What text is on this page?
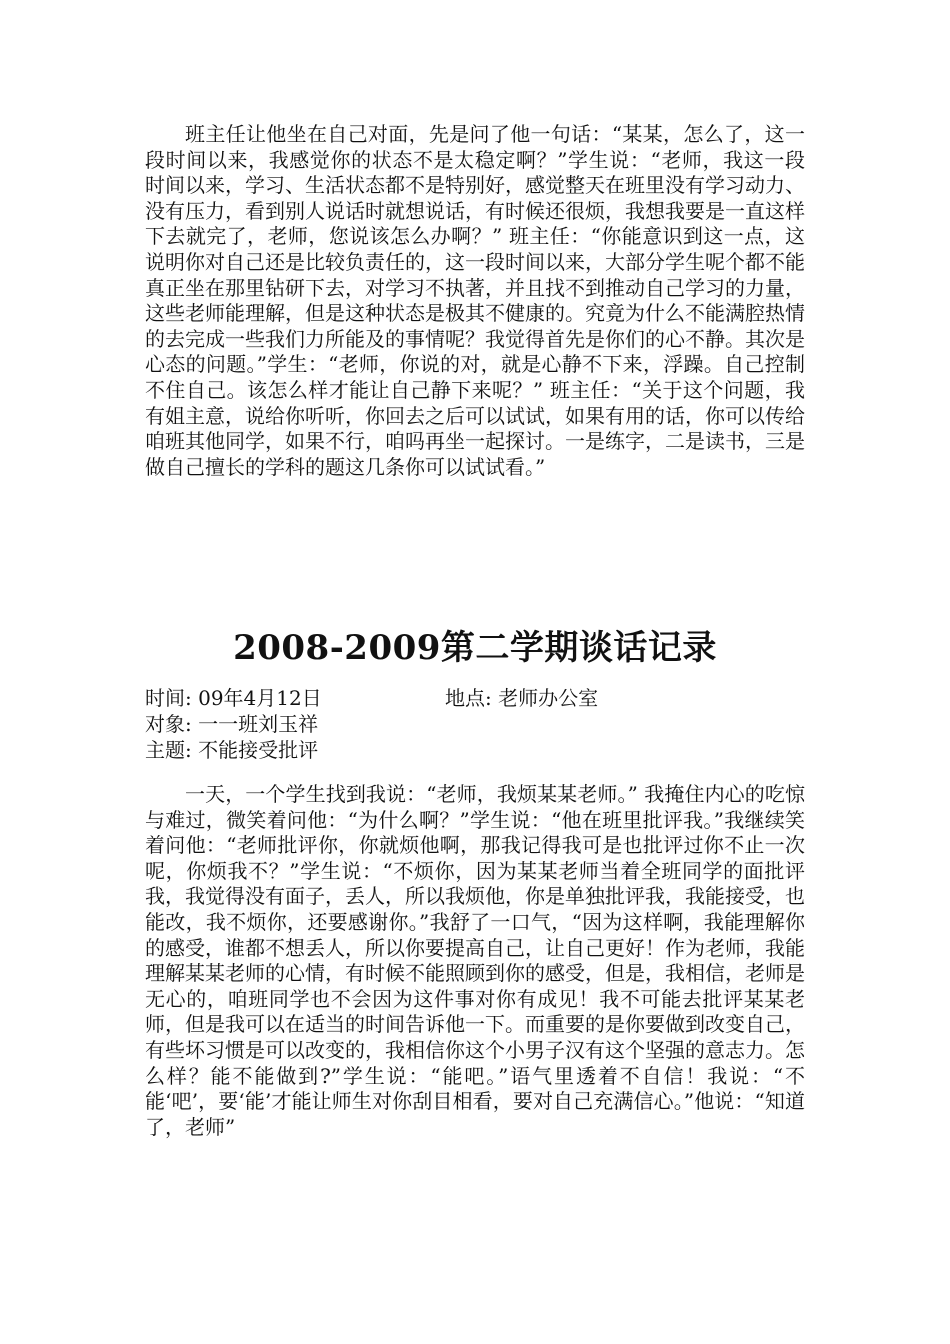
班主任让他坐在自己对面，先是问了他一句话：“某某，怎么了，这一段时间以来，我感觉你的状态不是太稳定啊？”学生说：“老师，我这一段时间以来，学习、生活状态都不是特别好，感觉整天在班里没有学习动力、没有压力，看到别人说话时就想说话，有时候还很烦，我想我要是一直这样下去就完了，老师，您说该怎么办啊？” 班主任：“你能意识到这一点，这说明你对自己还是比较负责任的，这一段时间以来，大部分学生呢个都不能真正坐在那里钻研下去，对学习不执著，并且找不到推动自己学习的力量，这些老师能理解，但是这种状态是极其不健康的。究竟为什么不能满腔热情的去完成一些我们力所能及的事情呢？我觉得首先是你们的心不静。其次是心态的问题。”学生：“老师，你说的对，就是心静不下来，浮躁。自己控制不住自己。该怎么样才能让自己静下来呢？” 班主任：“关于这个问题，我有姐主意，说给你听听，你回去之后可以试试，如果有用的话，你可以传给咱班其他同学，如果不行，咱吗再坐一起探讨。一是练字，二是读书，三是做自己擅长的学科的题这几条你可以试试看。”

2008-2009第二学期谈话记录

时间: 09年4月12日	地点: 老师办公室

对象: 一一班刘玉祥

主题: 不能接受批评

一天，一个学生找到我说：“老师，我烦某某老师。” 我掩住内心的吃惊与难过，微笑着问他：“为什么啊？”学生说：“他在班里批评我。”我继续笑着问他：“老师批评你，你就烦他啊，那我记得我可是也批评过你不止一次呢，你烦我不？”学生说：“不烦你，因为某某老师当着全班同学的面批评我，我觉得没有面子，丢人，所以我烦他，你是单独批评我，我能接受，也能改，我不烦你，还要感谢你。”我舒了一口气，“因为这样啊，我能理解你的感受，谁都不想丢人，所以你要提高自己，让自己更好！作为老师，我能理解某某老师的心情，有时候不能照顾到你的感受，但是，我相信，老师是无心的，咱班同学也不会因为这件事对你有成见！我不可能去批评某某老师，但是我可以在适当的时间告诉他一下。而重要的是你要做到改变自己，有些坏习惯是可以改变的，我相信你这个小男子汉有这个坚强的意志力。怎么样？能不能做到?”学生说：“能吧。”语气里透着不自信！我说：“不能‘吧’，要‘能’才能让师生对你刮目相看，要对自己充满信心。”他说：“知道了，老师”
